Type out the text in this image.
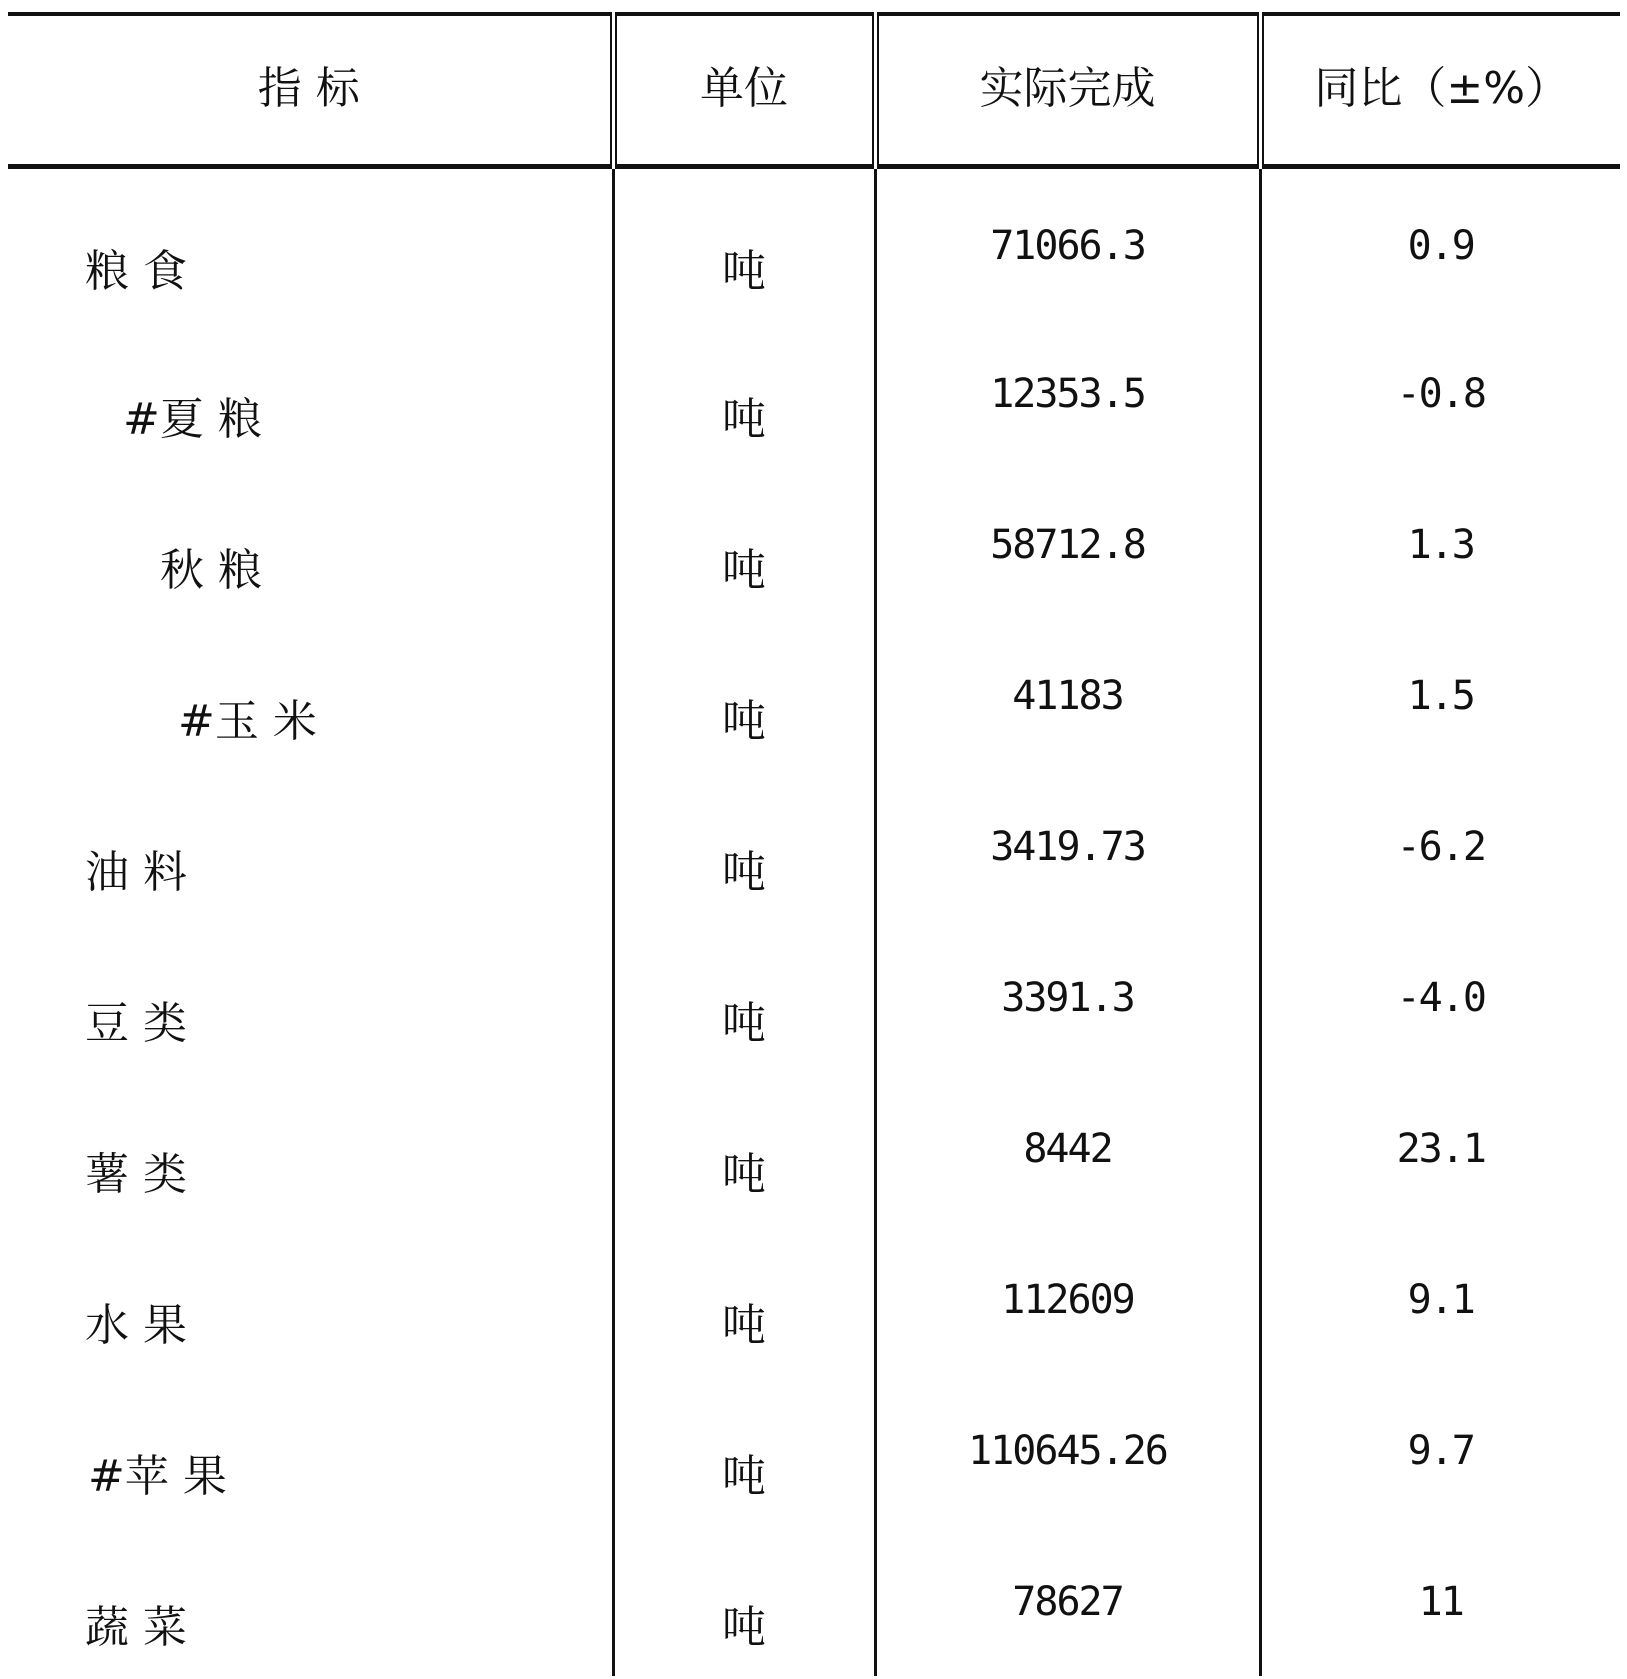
指 标	单位	实际完成	同比（±%）
粮 食	吨	71066.3	0.9
#夏 粮	吨	12353.5	-0.8
秋 粮	吨	58712.8	1.3
#玉 米	吨	41183	1.5
油 料	吨	3419.73	-6.2
豆 类	吨	3391.3	-4.0
薯 类	吨	8442	23.1
水 果	吨	112609	9.1
#苹 果	吨	110645.26	9.7
蔬 菜	吨	78627	11
